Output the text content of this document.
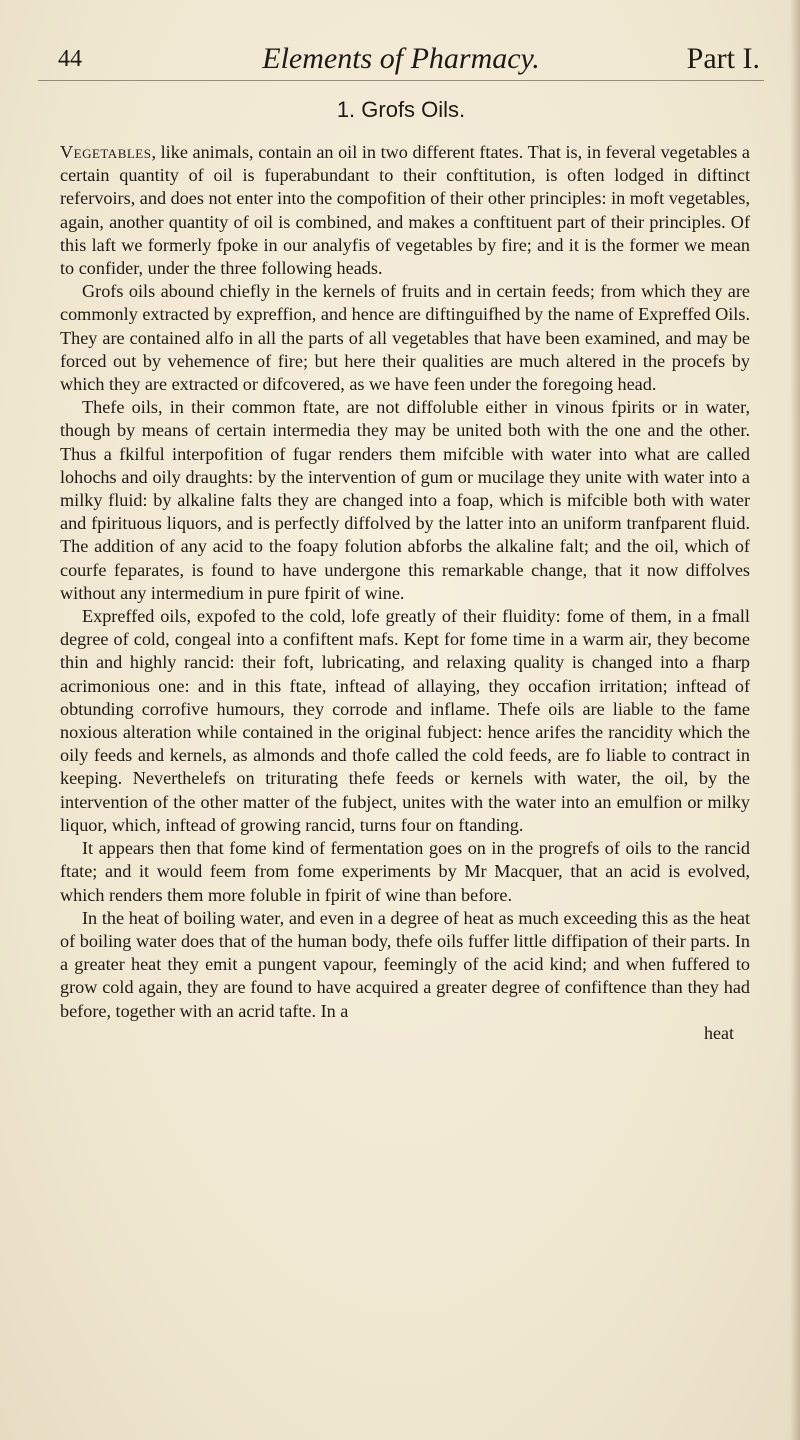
44	Elements of Pharmacy.	Part I.
1. Grofs Oils.

Vegetables, like animals, contain an oil in two different ftates. That is, in feveral vegetables a certain quantity of oil is fuperabundant to their conftitution, is often lodged in diftinct refervoirs, and does not enter into the compofition of their other principles: in moft vegetables, again, another quantity of oil is combined, and makes a conftituent part of their principles. Of this laft we formerly fpoke in our analyfis of vegetables by fire; and it is the former we mean to confider, under the three following heads.

Grofs oils abound chiefly in the kernels of fruits and in certain feeds; from which they are commonly extracted by expreffion, and hence are diftinguifhed by the name of Expreffed Oils. They are contained alfo in all the parts of all vegetables that have been examined, and may be forced out by vehemence of fire; but here their qualities are much altered in the procefs by which they are extracted or difcovered, as we have feen under the foregoing head.

Thefe oils, in their common ftate, are not diffoluble either in vinous fpirits or in water, though by means of certain intermedia they may be united both with the one and the other. Thus a fkilful interpofition of fugar renders them mifcible with water into what are called lohochs and oily draughts: by the intervention of gum or mucilage they unite with water into a milky fluid: by alkaline falts they are changed into a foap, which is mifcible both with water and fpirituous liquors, and is perfectly diffolved by the latter into an uniform tranfparent fluid. The addition of any acid to the foapy folution abforbs the alkaline falt; and the oil, which of courfe feparates, is found to have undergone this remarkable change, that it now diffolves without any intermedium in pure fpirit of wine.

Expreffed oils, expofed to the cold, lofe greatly of their fluidity: fome of them, in a fmall degree of cold, congeal into a confiftent mafs. Kept for fome time in a warm air, they become thin and highly rancid: their foft, lubricating, and relaxing quality is changed into a fharp acrimonious one: and in this ftate, inftead of allaying, they occafion irritation; inftead of obtunding corrofive humours, they corrode and inflame. Thefe oils are liable to the fame noxious alteration while contained in the original fubject: hence arifes the rancidity which the oily feeds and kernels, as almonds and thofe called the cold feeds, are fo liable to contract in keeping. Neverthelefs on triturating thefe feeds or kernels with water, the oil, by the intervention of the other matter of the fubject, unites with the water into an emulfion or milky liquor, which, inftead of growing rancid, turns four on ftanding.

It appears then that fome kind of fermentation goes on in the progrefs of oils to the rancid ftate; and it would feem from fome experiments by Mr Macquer, that an acid is evolved, which renders them more foluble in fpirit of wine than before.

In the heat of boiling water, and even in a degree of heat as much exceeding this as the heat of boiling water does that of the human body, thefe oils fuffer little diffipation of their parts. In a greater heat they emit a pungent vapour, feemingly of the acid kind; and when fuffered to grow cold again, they are found to have acquired a greater degree of confiftence than they had before, together with an acrid tafte. In a

heat
